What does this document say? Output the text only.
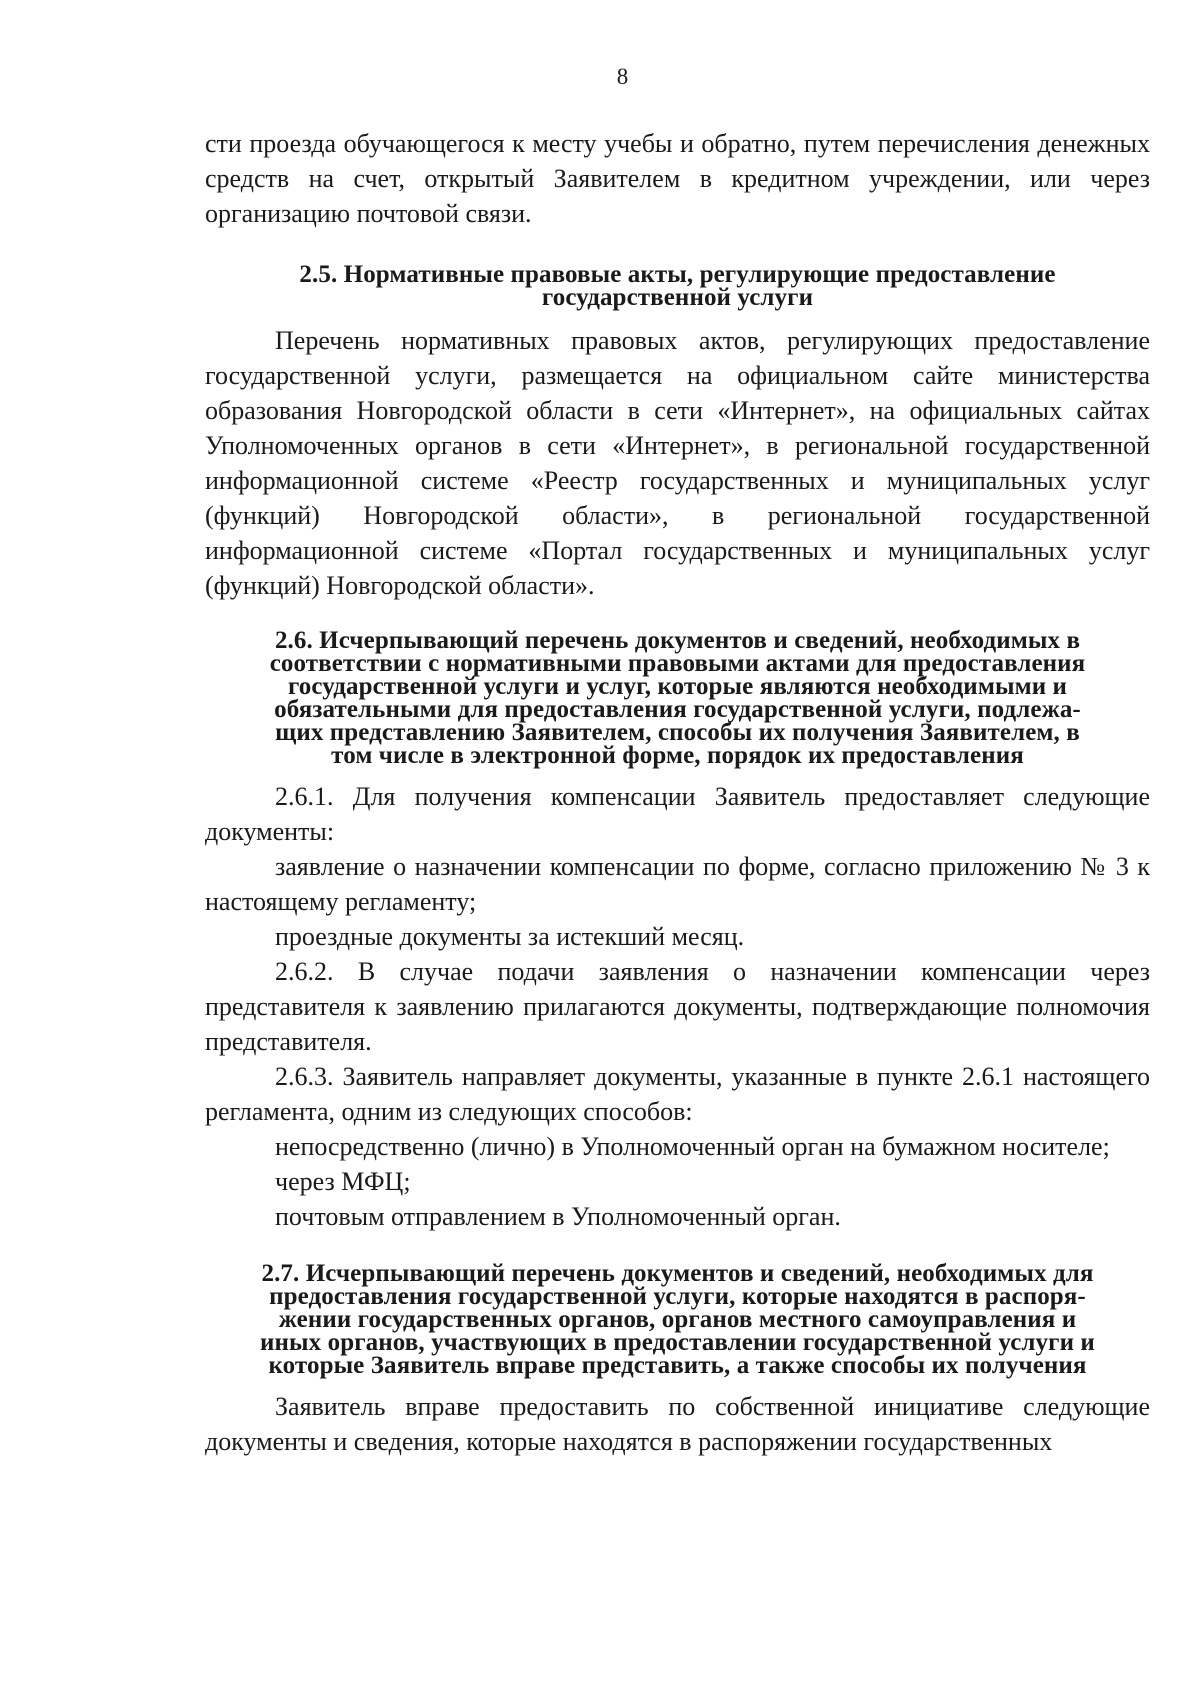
8

сти проезда обучающегося к месту учебы и обратно, путем перечисления денежных средств на счет, открытый Заявителем в кредитном учреждении, или через организацию почтовой связи.

2.5. Нормативные правовые акты, регулирующие предоставление
государственной услуги

Перечень нормативных правовых актов, регулирующих предоставление государственной услуги, размещается на официальном сайте министерства образования Новгородской области в сети «Интернет», на официальных сайтах Уполномоченных органов в сети «Интернет», в региональной государственной информационной системе «Реестр государственных и муниципальных услуг (функций) Новгородской области», в региональной государственной информационной системе «Портал государственных и муниципальных услуг (функций) Новгородской области».

2.6. Исчерпывающий перечень документов и сведений, необходимых в
соответствии с нормативными правовыми актами для предоставления
государственной услуги и услуг, которые являются необходимыми и
обязательными для предоставления государственной услуги, подлежа-
щих представлению Заявителем, способы их получения Заявителем, в
том числе в электронной форме, порядок их предоставления

2.6.1. Для получения компенсации Заявитель предоставляет следующие документы:

заявление о назначении компенсации по форме, согласно приложению № 3 к настоящему регламенту;

проездные документы за истекший месяц.

2.6.2. В случае подачи заявления о назначении компенсации через представителя к заявлению прилагаются документы, подтверждающие полномочия представителя.

2.6.3. Заявитель направляет документы, указанные в пункте 2.6.1 настоящего регламента, одним из следующих способов:

непосредственно (лично) в Уполномоченный орган на бумажном носителе;

через МФЦ;

почтовым отправлением в Уполномоченный орган.

2.7. Исчерпывающий перечень документов и сведений, необходимых для
предоставления государственной услуги, которые находятся в распоря-
жении государственных органов, органов местного самоуправления и
иных органов, участвующих в предоставлении государственной услуги и
которые Заявитель вправе представить, а также способы их получения

Заявитель вправе предоставить по собственной инициативе следующие документы и сведения, которые находятся в распоряжении государственных
